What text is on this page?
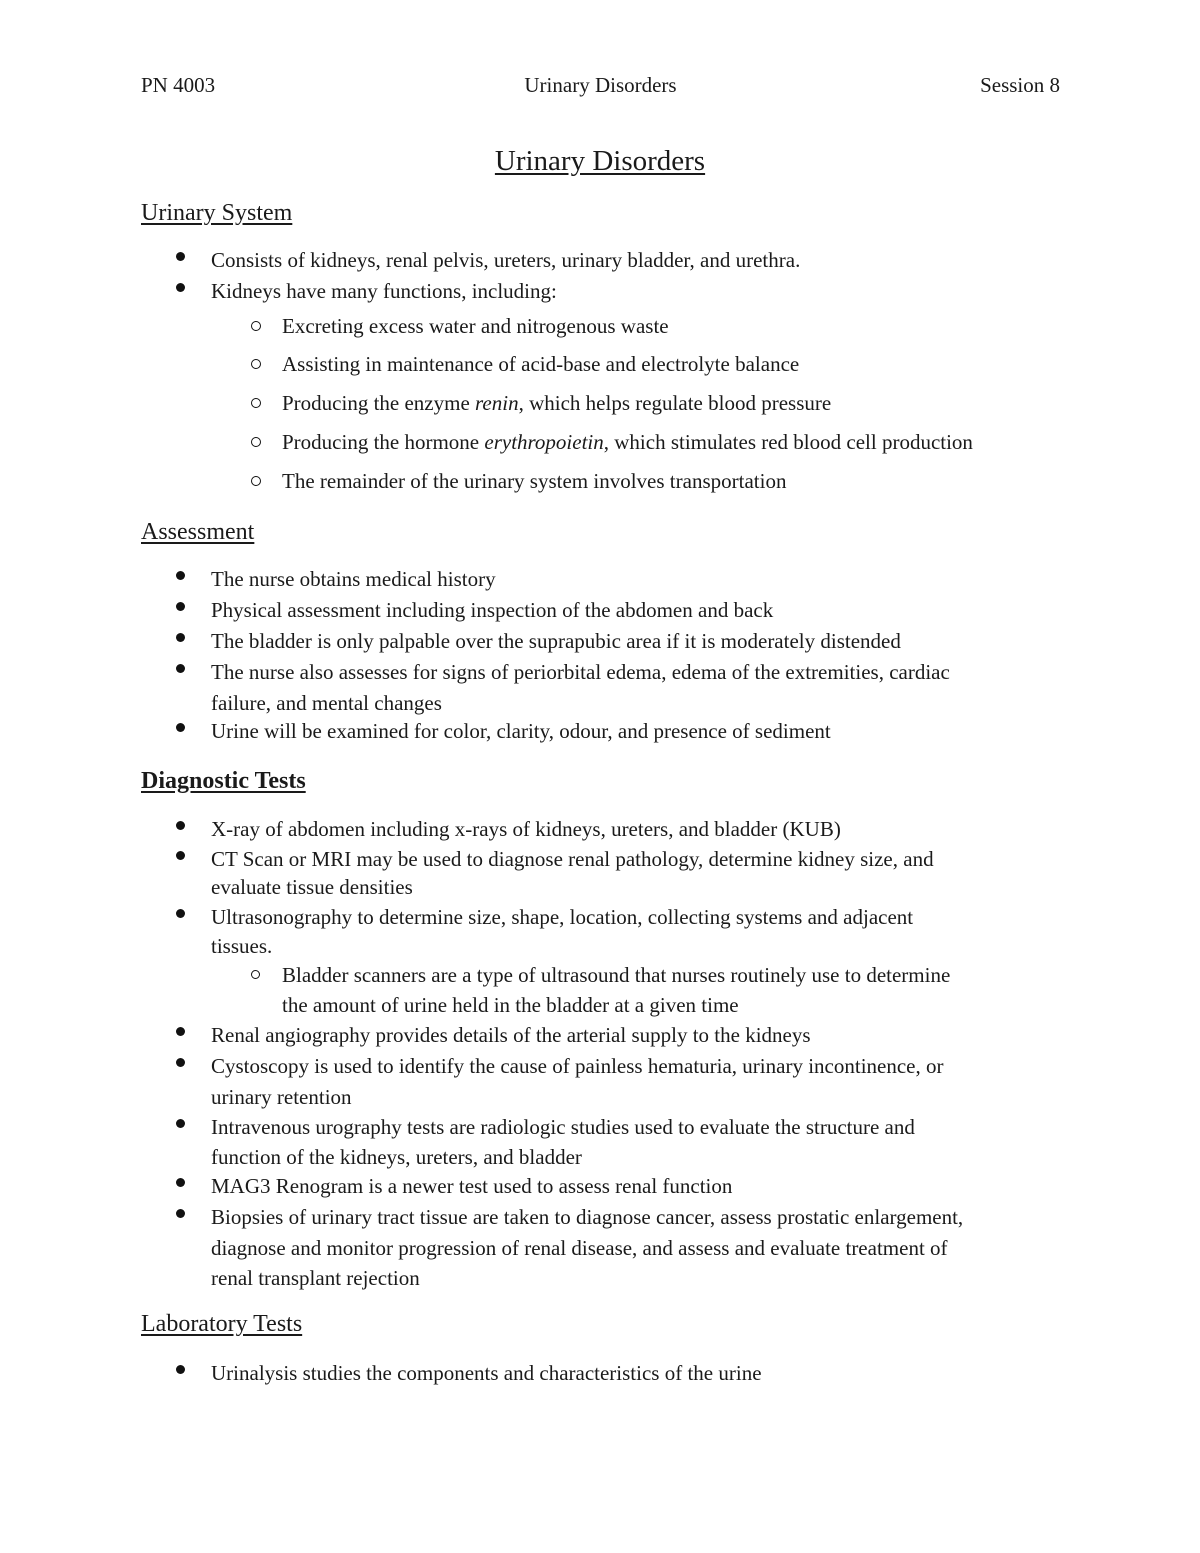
PN 4003	Urinary Disorders	Session 8
Urinary Disorders
Urinary System
Consists of kidneys, renal pelvis, ureters, urinary bladder, and urethra.
Kidneys have many functions, including:
Excreting excess water and nitrogenous waste
Assisting in maintenance of acid-base and electrolyte balance
Producing the enzyme renin, which helps regulate blood pressure
Producing the hormone erythropoietin, which stimulates red blood cell production
The remainder of the urinary system involves transportation
Assessment
The nurse obtains medical history
Physical assessment including inspection of the abdomen and back
The bladder is only palpable over the suprapubic area if it is moderately distended
The nurse also assesses for signs of periorbital edema, edema of the extremities, cardiac
failure, and mental changes
Urine will be examined for color, clarity, odour, and presence of sediment
Diagnostic Tests
X-ray of abdomen including x-rays of kidneys, ureters, and bladder (KUB)
CT Scan or MRI may be used to diagnose renal pathology, determine kidney size, and
evaluate tissue densities
Ultrasonography to determine size, shape, location, collecting systems and adjacent
tissues.
Bladder scanners are a type of ultrasound that nurses routinely use to determine
the amount of urine held in the bladder at a given time
Renal angiography provides details of the arterial supply to the kidneys
Cystoscopy is used to identify the cause of painless hematuria, urinary incontinence, or
urinary retention
Intravenous urography tests are radiologic studies used to evaluate the structure and
function of the kidneys, ureters, and bladder
MAG3 Renogram is a newer test used to assess renal function
Biopsies of urinary tract tissue are taken to diagnose cancer, assess prostatic enlargement,
diagnose and monitor progression of renal disease, and assess and evaluate treatment of
renal transplant rejection
Laboratory Tests
Urinalysis studies the components and characteristics of the urine
